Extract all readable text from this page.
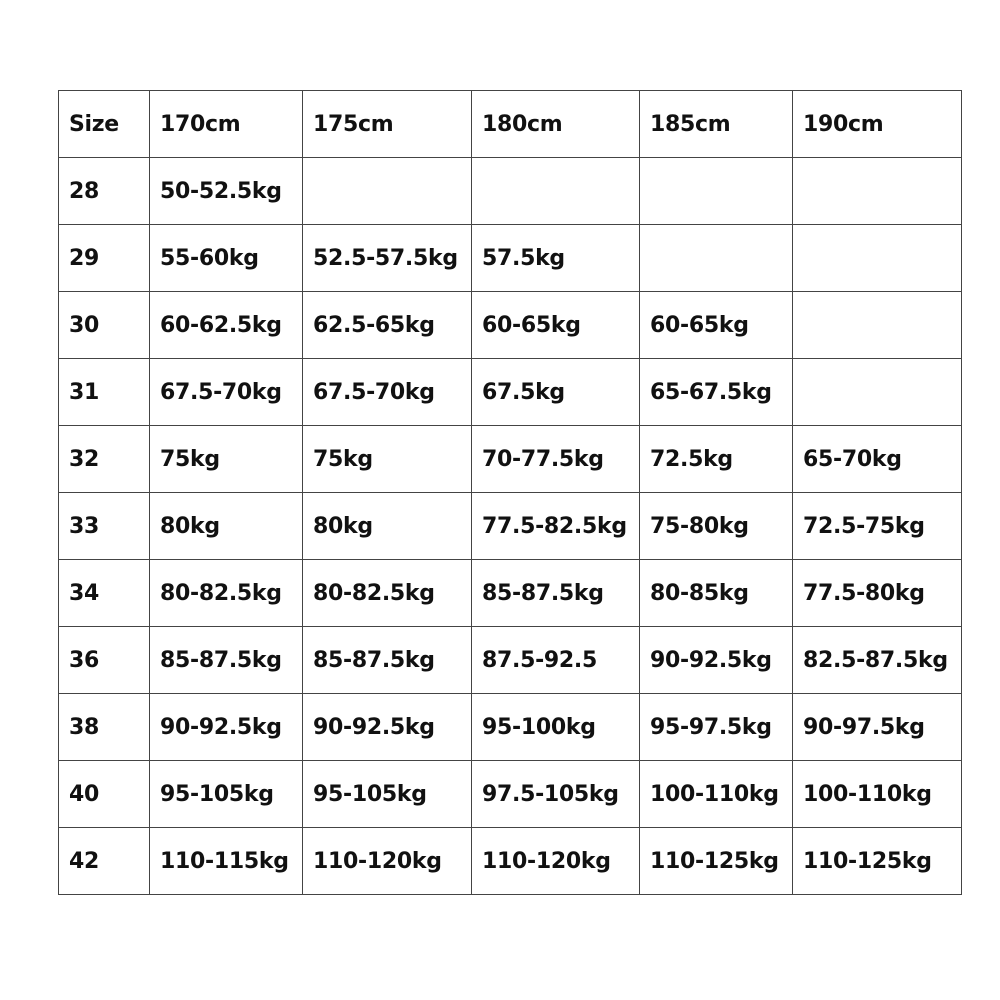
Size	170cm	175cm	180cm	185cm	190cm
28	50-52.5kg				
29	55-60kg	52.5-57.5kg	57.5kg		
30	60-62.5kg	62.5-65kg	60-65kg	60-65kg	
31	67.5-70kg	67.5-70kg	67.5kg	65-67.5kg	
32	75kg	75kg	70-77.5kg	72.5kg	65-70kg
33	80kg	80kg	77.5-82.5kg	75-80kg	72.5-75kg
34	80-82.5kg	80-82.5kg	85-87.5kg	80-85kg	77.5-80kg
36	85-87.5kg	85-87.5kg	87.5-92.5	90-92.5kg	82.5-87.5kg
38	90-92.5kg	90-92.5kg	95-100kg	95-97.5kg	90-97.5kg
40	95-105kg	95-105kg	97.5-105kg	100-110kg	100-110kg
42	110-115kg	110-120kg	110-120kg	110-125kg	110-125kg
